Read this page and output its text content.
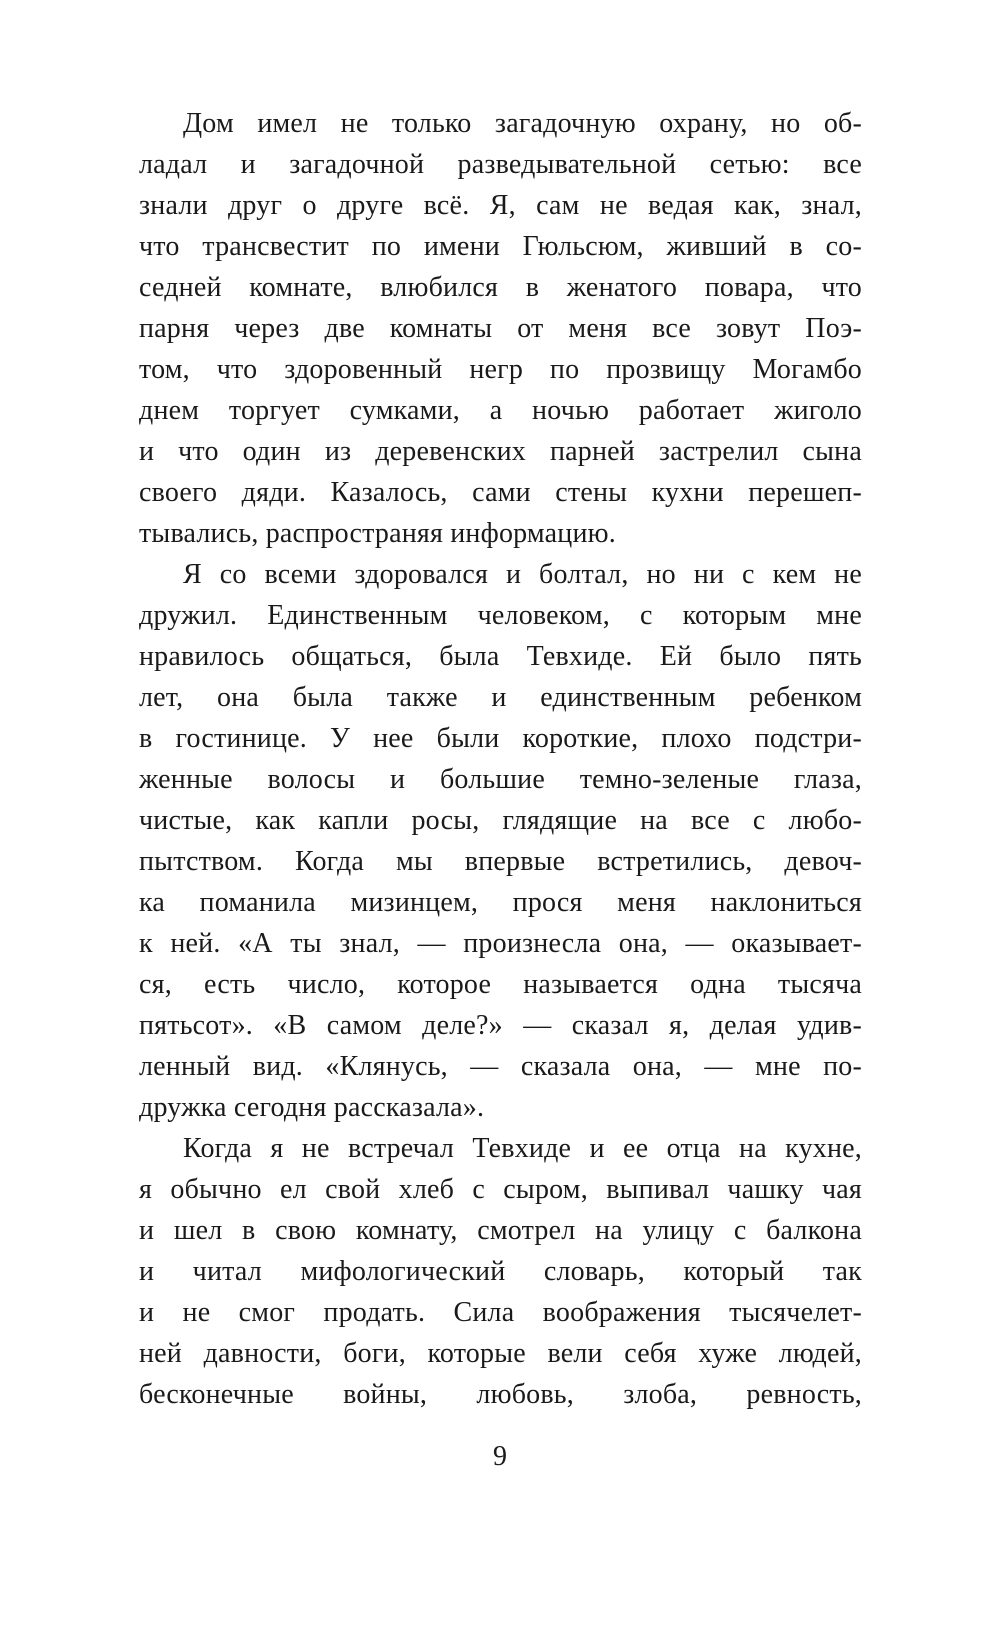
Дом имел не только загадочную охрану, но об-
ладал и загадочной разведывательной сетью: все
знали друг о друге всё. Я, сам не ведая как, знал,
что трансвестит по имени Гюльсюм, живший в со-
седней комнате, влюбился в женатого повара, что
парня через две комнаты от меня все зовут Поэ-
том, что здоровенный негр по прозвищу Могамбо
днем торгует сумками, а ночью работает жиголо
и что один из деревенских парней застрелил сына
своего дяди. Казалось, сами стены кухни перешеп-
тывались, распространяя информацию.

Я со всеми здоровался и болтал, но ни с кем не
дружил. Единственным человеком, с которым мне
нравилось общаться, была Тевхиде. Ей было пять
лет, она была также и единственным ребенком
в гостинице. У нее были короткие, плохо подстри-
женные волосы и большие темно-зеленые глаза,
чистые, как капли росы, глядящие на все с любо-
пытством. Когда мы впервые встретились, девоч-
ка поманила мизинцем, прося меня наклониться
к ней. «А ты знал, — произнесла она, — оказывает-
ся, есть число, которое называется одна тысяча
пятьсот». «В самом деле?» — сказал я, делая удив-
ленный вид. «Клянусь, — сказала она, — мне по-
дружка сегодня рассказала».

Когда я не встречал Тевхиде и ее отца на кухне,
я обычно ел свой хлеб с сыром, выпивал чашку чая
и шел в свою комнату, смотрел на улицу с балкона
и читал мифологический словарь, который так
и не смог продать. Сила воображения тысячелет-
ней давности, боги, которые вели себя хуже людей,
бесконечные войны, любовь, злоба, ревность,

9
